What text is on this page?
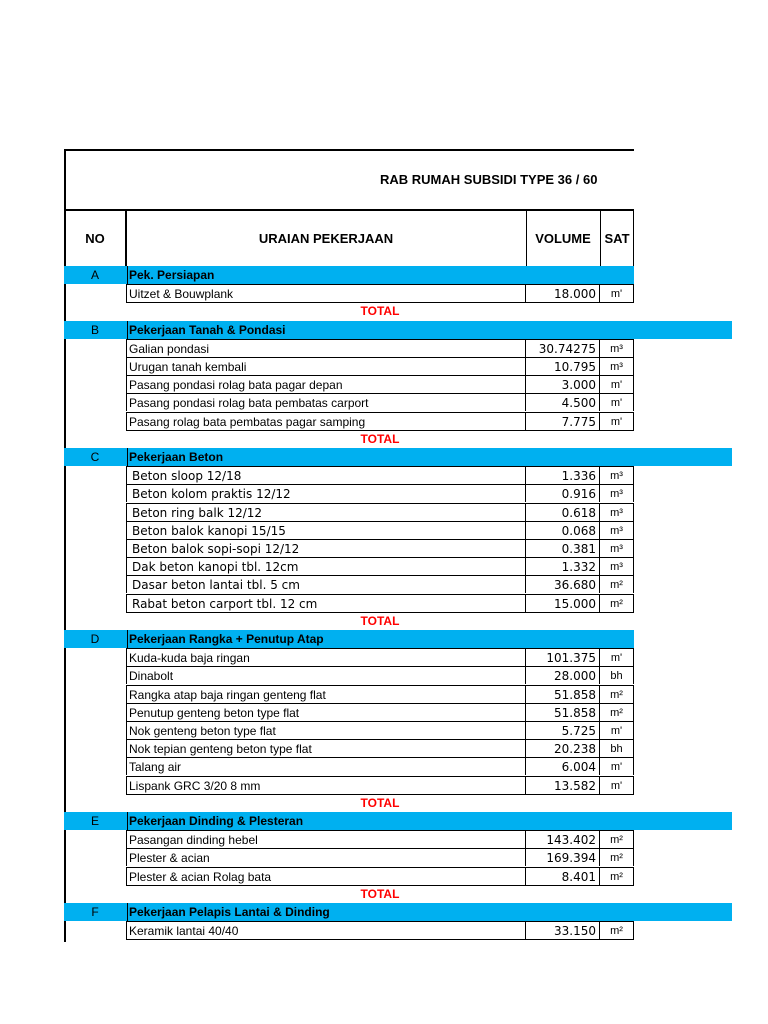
RAB RUMAH SUBSIDI TYPE 36 / 60
NO	URAIAN PEKERJAAN	VOLUME	SAT
A	Pek. Persiapan
Uitzet & Bouwplank	18.000	m'
TOTAL
B	Pekerjaan Tanah & Pondasi
Galian pondasi	30.74275	m³
Urugan tanah kembali	10.795	m³
Pasang pondasi rolag bata pagar depan	3.000	m'
Pasang pondasi rolag bata pembatas carport	4.500	m'
Pasang rolag bata pembatas pagar samping	7.775	m'
TOTAL
C	Pekerjaan Beton
Beton sloop 12/18	1.336	m³
Beton kolom praktis 12/12	0.916	m³
Beton ring balk 12/12	0.618	m³
Beton balok kanopi 15/15	0.068	m³
Beton balok sopi-sopi 12/12	0.381	m³
Dak beton kanopi tbl. 12cm	1.332	m³
Dasar beton lantai tbl. 5 cm	36.680	m²
Rabat beton carport tbl. 12 cm	15.000	m²
TOTAL
D	Pekerjaan Rangka + Penutup Atap
Kuda-kuda baja ringan	101.375	m'
Dinabolt	28.000	bh
Rangka atap baja ringan genteng flat	51.858	m²
Penutup genteng beton type flat	51.858	m²
Nok genteng beton type flat	5.725	m'
Nok tepian genteng beton type flat	20.238	bh
Talang air	6.004	m'
Lispank GRC 3/20 8 mm	13.582	m'
TOTAL
E	Pekerjaan Dinding & Plesteran
Pasangan dinding hebel	143.402	m²
Plester & acian	169.394	m²
Plester & acian Rolag bata	8.401	m²
TOTAL
F	Pekerjaan Pelapis Lantai & Dinding
Keramik lantai 40/40	33.150	m²
